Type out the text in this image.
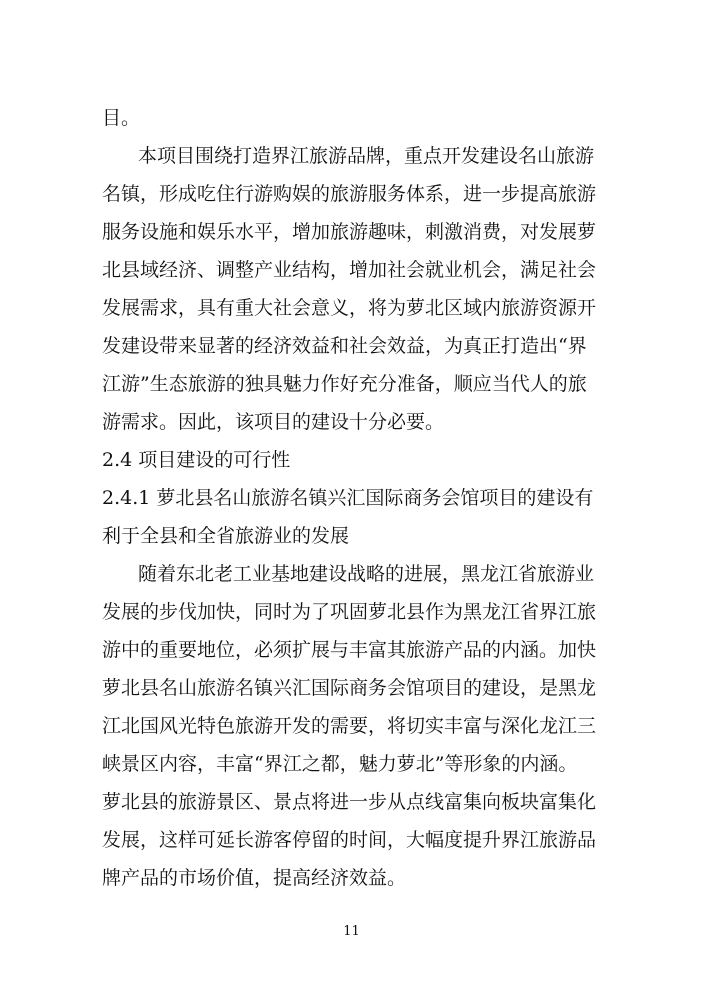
目。
本项目围绕打造界江旅游品牌，重点开发建设名山旅游
名镇，形成吃住行游购娱的旅游服务体系，进一步提高旅游
服务设施和娱乐水平，增加旅游趣味，刺激消费，对发展萝
北县域经济、调整产业结构，增加社会就业机会，满足社会
发展需求，具有重大社会意义，将为萝北区域内旅游资源开
发建设带来显著的经济效益和社会效益，为真正打造出“界
江游”生态旅游的独具魅力作好充分准备，顺应当代人的旅
游需求。因此，该项目的建设十分必要。
2.4 项目建设的可行性
2.4.1 萝北县名山旅游名镇兴汇国际商务会馆项目的建设有
利于全县和全省旅游业的发展
随着东北老工业基地建设战略的进展，黑龙江省旅游业
发展的步伐加快，同时为了巩固萝北县作为黑龙江省界江旅
游中的重要地位，必须扩展与丰富其旅游产品的内涵。加快
萝北县名山旅游名镇兴汇国际商务会馆项目的建设，是黑龙
江北国风光特色旅游开发的需要，将切实丰富与深化龙江三
峡景区内容，丰富“界江之都，魅力萝北”等形象的内涵。
萝北县的旅游景区、景点将进一步从点线富集向板块富集化
发展，这样可延长游客停留的时间，大幅度提升界江旅游品
牌产品的市场价值，提高经济效益。
11
